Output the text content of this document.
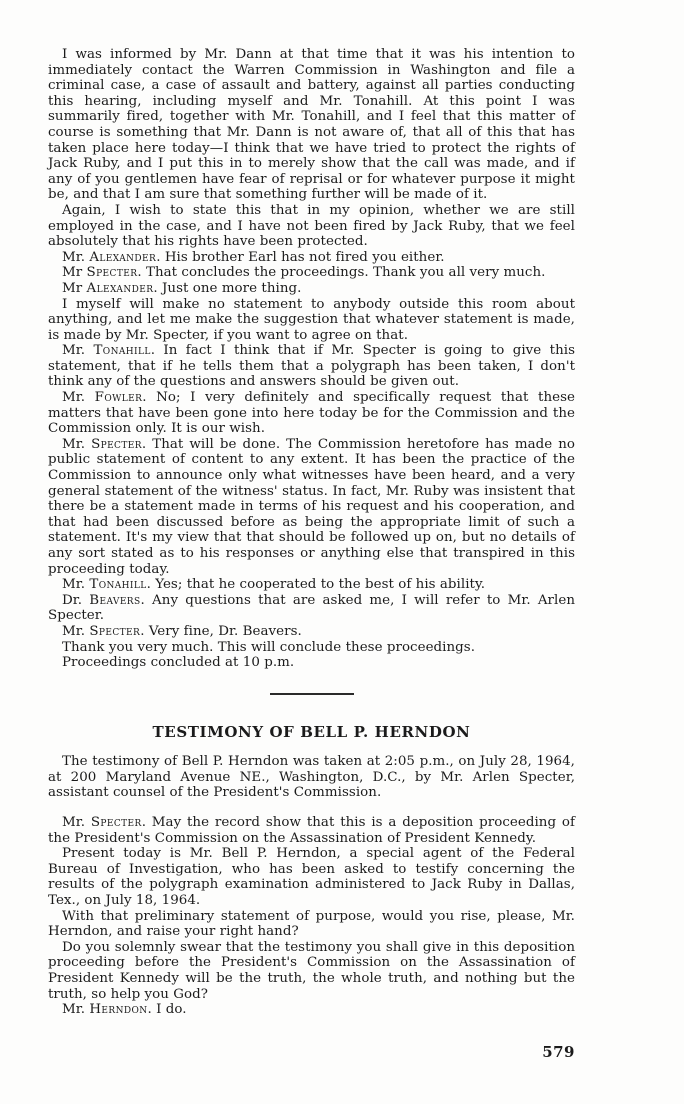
I was informed by Mr. Dann at that time that it was his intention to immediately contact the Warren Commission in Washington and file a criminal case, a case of assault and battery, against all parties conducting this hearing, including myself and Mr. Tonahill. At this point I was summarily fired, together with Mr. Tonahill, and I feel that this matter of course is something that Mr. Dann is not aware of, that all of this that has taken place here today—I think that we have tried to protect the rights of Jack Ruby, and I put this in to merely show that the call was made, and if any of you gentlemen have fear of reprisal or for whatever purpose it might be, and that I am sure that something further will be made of it.

Again, I wish to state this that in my opinion, whether we are still employed in the case, and I have not been fired by Jack Ruby, that we feel absolutely that his rights have been protected.

Mr. Alexander. His brother Earl has not fired you either.

Mr Specter. That concludes the proceedings. Thank you all very much.

Mr Alexander. Just one more thing.

I myself will make no statement to anybody outside this room about anything, and let me make the suggestion that whatever statement is made, is made by Mr. Specter, if you want to agree on that.

Mr. Tonahill. In fact I think that if Mr. Specter is going to give this statement, that if he tells them that a polygraph has been taken, I don't think any of the questions and answers should be given out.

Mr. Fowler. No; I very definitely and specifically request that these matters that have been gone into here today be for the Commission and the Commission only. It is our wish.

Mr. Specter. That will be done. The Commission heretofore has made no public statement of content to any extent. It has been the practice of the Commission to announce only what witnesses have been heard, and a very general statement of the witness' status. In fact, Mr. Ruby was insistent that there be a statement made in terms of his request and his cooperation, and that had been discussed before as being the appropriate limit of such a statement. It's my view that that should be followed up on, but no details of any sort stated as to his responses or anything else that transpired in this proceeding today.

Mr. Tonahill. Yes; that he cooperated to the best of his ability.

Dr. Beavers. Any questions that are asked me, I will refer to Mr. Arlen Specter.

Mr. Specter. Very fine, Dr. Beavers.

Thank you very much. This will conclude these proceedings.

Proceedings concluded at 10 p.m.

TESTIMONY OF BELL P. HERNDON

The testimony of Bell P. Herndon was taken at 2:05 p.m., on July 28, 1964, at 200 Maryland Avenue NE., Washington, D.C., by Mr. Arlen Specter, assistant counsel of the President's Commission.

Mr. Specter. May the record show that this is a deposition proceeding of the President's Commission on the Assassination of President Kennedy.

Present today is Mr. Bell P. Herndon, a special agent of the Federal Bureau of Investigation, who has been asked to testify concerning the results of the polygraph examination administered to Jack Ruby in Dallas, Tex., on July 18, 1964.

With that preliminary statement of purpose, would you rise, please, Mr. Herndon, and raise your right hand?

Do you solemnly swear that the testimony you shall give in this deposition proceeding before the President's Commission on the Assassination of President Kennedy will be the truth, the whole truth, and nothing but the truth, so help you God?

Mr. Herndon. I do.

579
